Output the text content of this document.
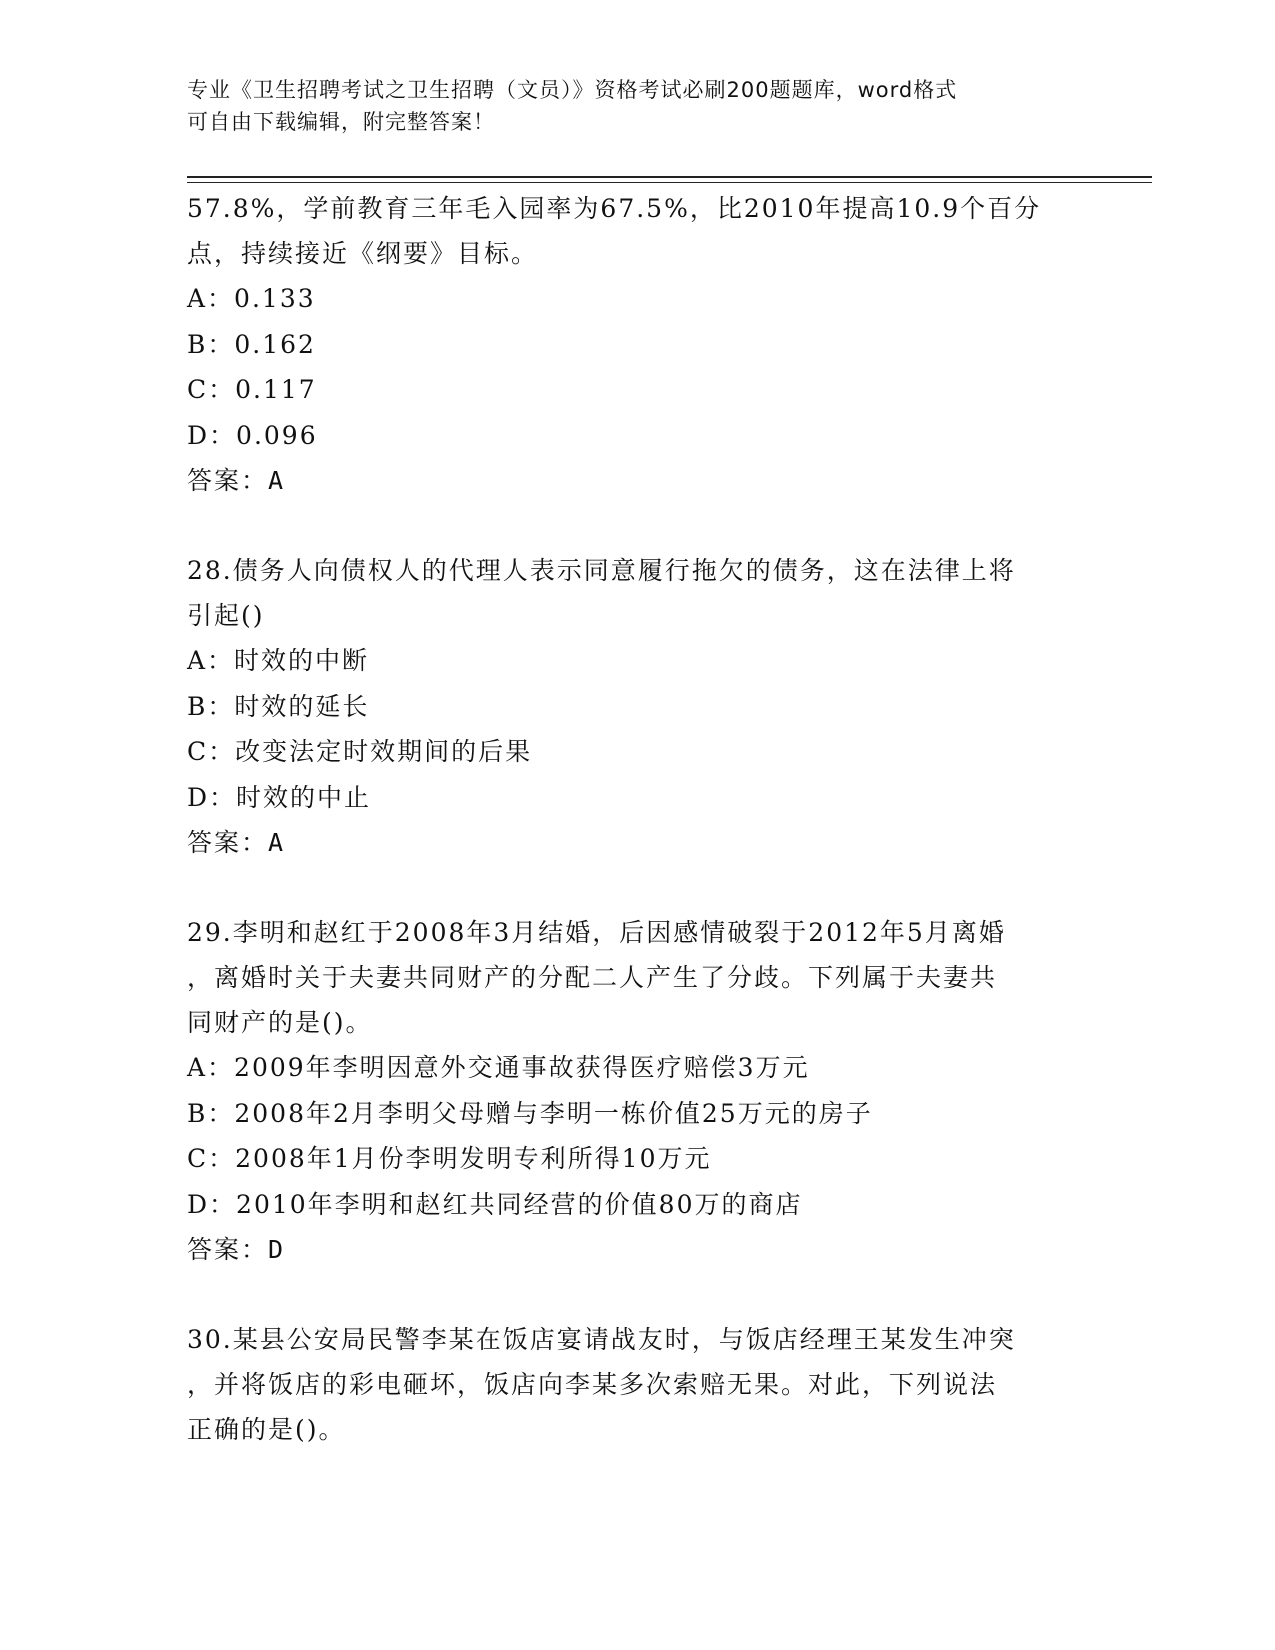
专业《卫生招聘考试之卫生招聘（文员）》资格考试必刷200题题库，word格式
可自由下载编辑，附完整答案！
57.8%，学前教育三年毛入园率为67.5%，比2010年提高10.9个百分
点，持续接近《纲要》目标。
A：0.133
B：0.162
C：0.117
D：0.096
答案：A
28.债务人向债权人的代理人表示同意履行拖欠的债务，这在法律上将
引起()
A：时效的中断
B：时效的延长
C：改变法定时效期间的后果
D：时效的中止
答案：A
29.李明和赵红于2008年3月结婚，后因感情破裂于2012年5月离婚
，离婚时关于夫妻共同财产的分配二人产生了分歧。下列属于夫妻共
同财产的是()。
A：2009年李明因意外交通事故获得医疗赔偿3万元
B：2008年2月李明父母赠与李明一栋价值25万元的房子
C：2008年1月份李明发明专利所得10万元
D：2010年李明和赵红共同经营的价值80万的商店
答案：D
30.某县公安局民警李某在饭店宴请战友时，与饭店经理王某发生冲突
，并将饭店的彩电砸坏，饭店向李某多次索赔无果。对此，下列说法
正确的是()。
